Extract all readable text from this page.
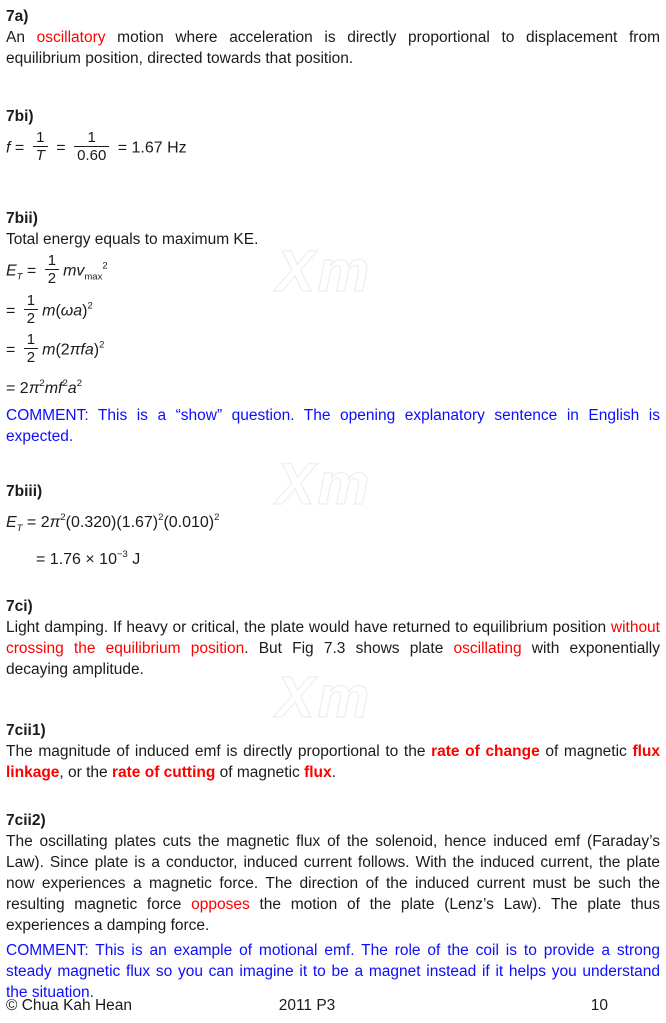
Xm
Xm
Xm
7a)

An oscillatory motion where acceleration is directly proportional to displacement from equilibrium position, directed towards that position.

7bi)
$f = \frac{1}{T} = \frac{1}{0.60} = 1.67$ Hz
7bii)

Total energy equals to maximum KE.

$E_T = \frac{1}{2} mv_{max}^2$
= $\frac{1}{2} m(\omega a)^2$
= $\frac{1}{2} m(2\pi fa)^2$
= $2\pi^2mf^2a^2$

COMMENT: This is a “show” question. The opening explanatory sentence in English is expected.

7biii)
$E_T = 2\pi^2(0.320)(1.67)^2(0.010)^2$
= $1.76 \times 10^{-3}$ J
7ci)

Light damping. If heavy or critical, the plate would have returned to equilibrium position without crossing the equilibrium position. But Fig 7.3 shows plate oscillating with exponentially decaying amplitude.

7cii1)

The magnitude of induced emf is directly proportional to the rate of change of magnetic flux linkage, or the rate of cutting of magnetic flux.

7cii2)

The oscillating plates cuts the magnetic flux of the solenoid, hence induced emf (Faraday’s Law). Since plate is a conductor, induced current follows. With the induced current, the plate now experiences a magnetic force. The direction of the induced current must be such the resulting magnetic force opposes the motion of the plate (Lenz’s Law). The plate thus experiences a damping force.

COMMENT: This is an example of motional emf. The role of the coil is to provide a strong steady magnetic flux so you can imagine it to be a magnet instead if it helps you understand the situation.

© Chua Kah Hean	2011 P3	10
